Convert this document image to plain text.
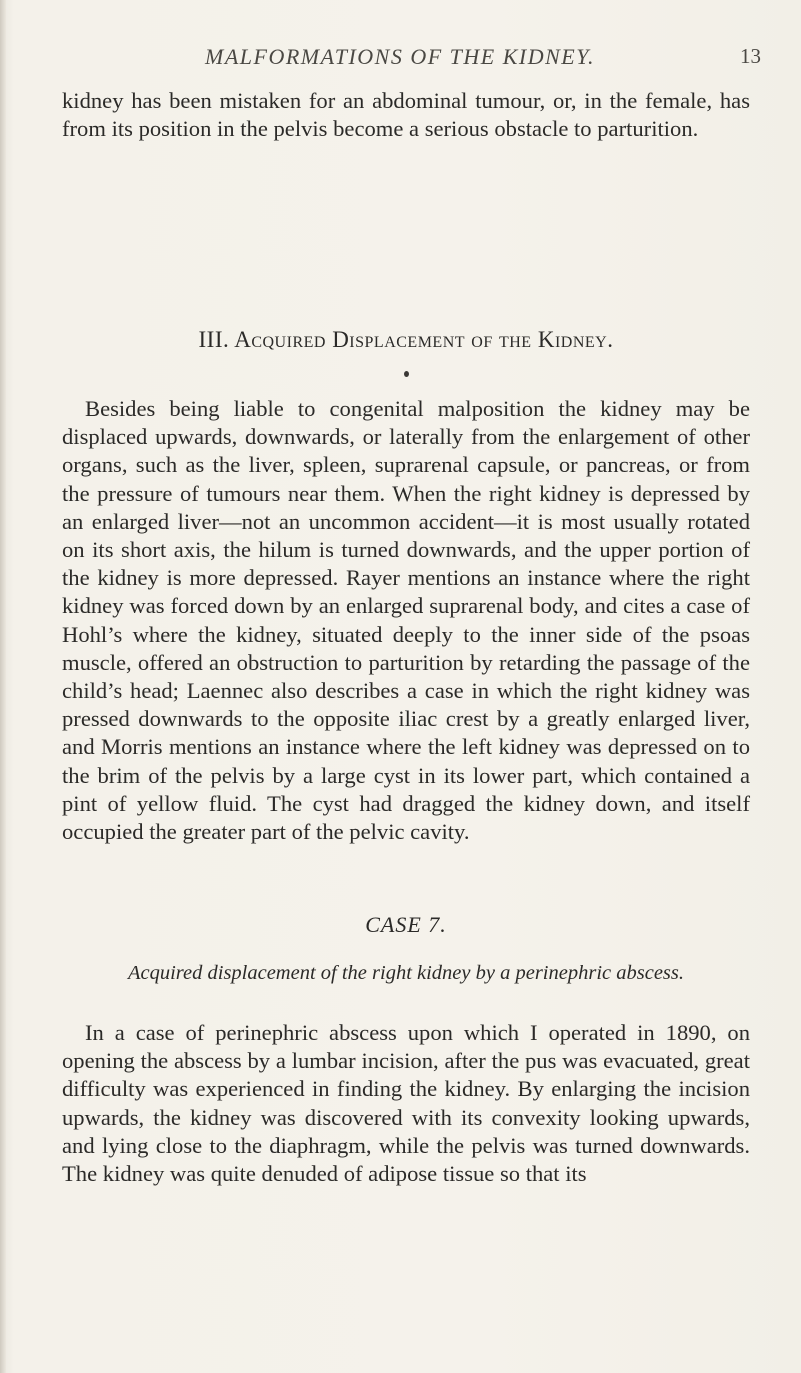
MALFORMATIONS OF THE KIDNEY.	13
kidney has been mistaken for an abdominal tumour, or, in the female, has from its position in the pelvis become a serious obstacle to parturition.
III. Acquired Displacement of the Kidney.
Besides being liable to congenital malposition the kidney may be displaced upwards, downwards, or laterally from the enlargement of other organs, such as the liver, spleen, suprarenal capsule, or pancreas, or from the pressure of tumours near them. When the right kidney is depressed by an enlarged liver—not an uncommon accident—it is most usually rotated on its short axis, the hilum is turned downwards, and the upper portion of the kidney is more depressed. Rayer mentions an instance where the right kidney was forced down by an enlarged suprarenal body, and cites a case of Hohl’s where the kidney, situated deeply to the inner side of the psoas muscle, offered an obstruction to parturition by retarding the passage of the child’s head; Laennec also describes a case in which the right kidney was pressed downwards to the opposite iliac crest by a greatly enlarged liver, and Morris mentions an instance where the left kidney was depressed on to the brim of the pelvis by a large cyst in its lower part, which contained a pint of yellow fluid. The cyst had dragged the kidney down, and itself occupied the greater part of the pelvic cavity.
CASE 7.
Acquired displacement of the right kidney by a perinephric abscess.
In a case of perinephric abscess upon which I operated in 1890, on opening the abscess by a lumbar incision, after the pus was evacuated, great difficulty was experienced in finding the kidney. By enlarging the incision upwards, the kidney was discovered with its convexity looking upwards, and lying close to the diaphragm, while the pelvis was turned downwards. The kidney was quite denuded of adipose tissue so that its
